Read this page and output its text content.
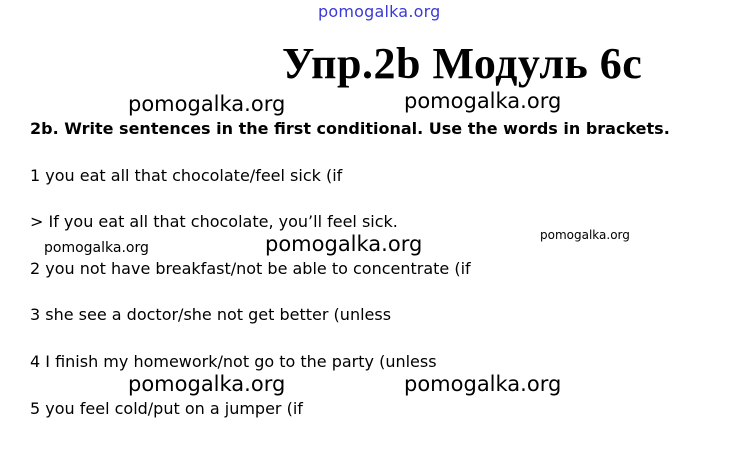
pomogalka.org
Упр.2b Модуль 6c
pomogalka.org	pomogalka.org
2b. Write sentences in the first conditional. Use the words in brackets.
1 you eat all that chocolate/feel sick (if
> If you eat all that chocolate, you’ll feel sick.
pomogalka.org	pomogalka.org	pomogalka.org
2 you not have breakfast/not be able to concentrate (if
3 she see a doctor/she not get better (unless
4 I finish my homework/not go to the party (unless
pomogalka.org	pomogalka.org
5 you feel cold/put on a jumper (if
